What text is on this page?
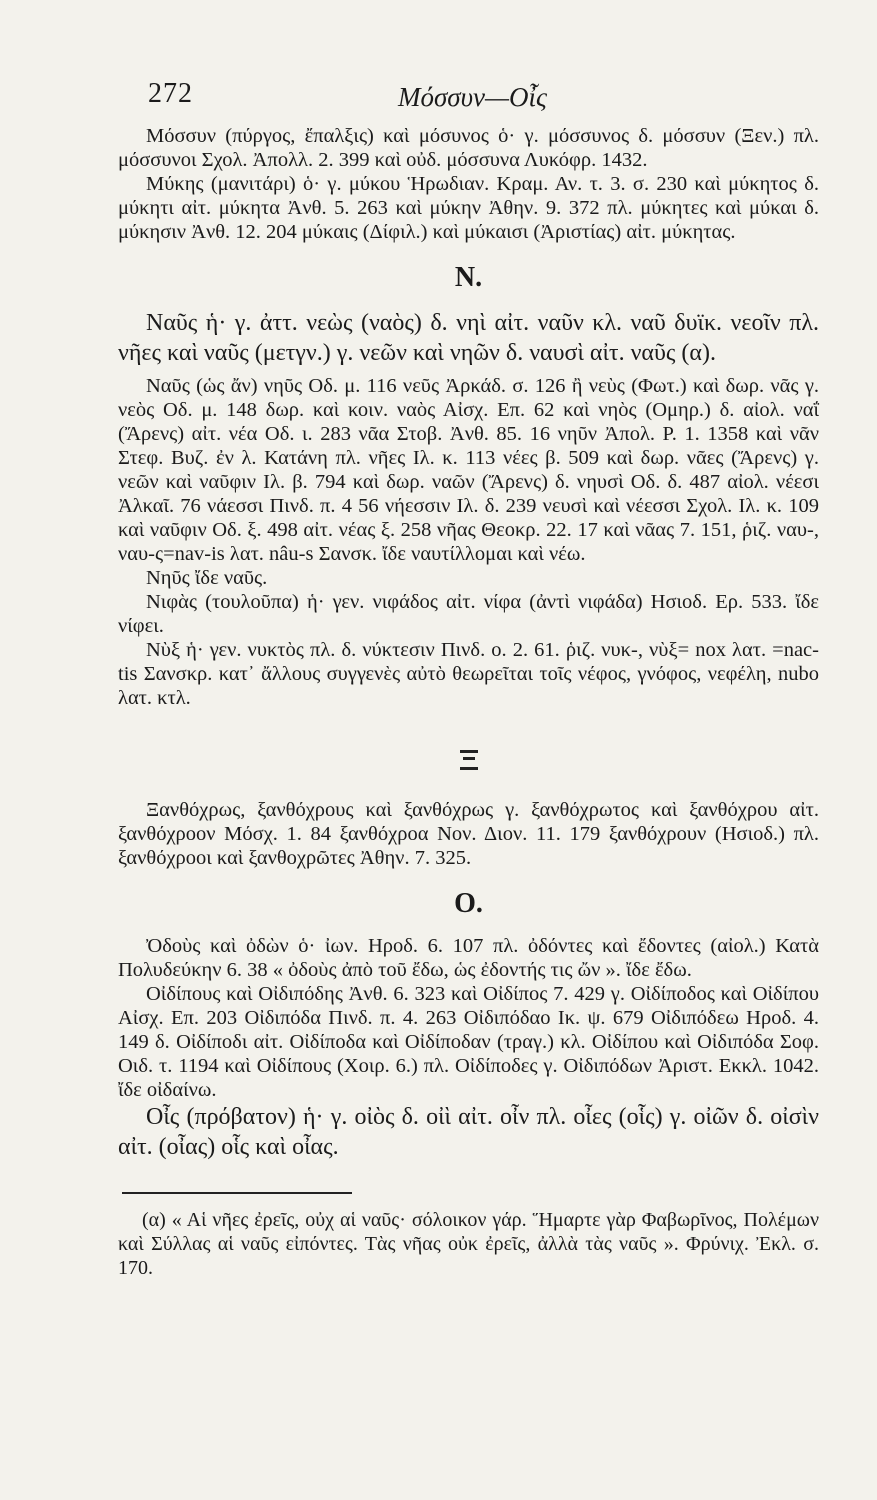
272	Μόσσυν—Οἶς

Μόσσυν (πύργος, ἔπαλξις) καὶ μόσυνος ὁ· γ. μόσσυνος δ. μόσσυν (Ξεν.) πλ. μόσσυνοι Σχολ. Ἀπολλ. 2. 399 καὶ οὐδ. μόσσυνα Λυκόφρ. 1432.

Μύκης (μανιτάρι) ὁ· γ. μύκου Ἡρωδιαν. Κραμ. Αν. τ. 3. σ. 230 καὶ μύκητος δ. μύκητι αἰτ. μύκητα Ἀνθ. 5. 263 καὶ μύκην Ἀθην. 9. 372 πλ. μύκητες καὶ μύκαι δ. μύκησιν Ἀνθ. 12. 204 μύκαις (Δίφιλ.) καὶ μύκαισι (Ἀριστίας) αἰτ. μύκητας.

N.

Ναῦς ἡ· γ. ἀττ. νεὼς (ναὸς) δ. νηὶ αἰτ. ναῦν κλ. ναῦ δυϊκ. νεοῖν πλ. νῆες καὶ ναῦς (μετγν.) γ. νεῶν καὶ νηῶν δ. ναυσὶ αἰτ. ναῦς (α).

Ναῦς (ὡς ἄν) νηῦς Οδ. μ. 116 νεῦς Ἀρκάδ. σ. 126 ἢ νεὺς (Φωτ.) καὶ δωρ. νᾶς γ. νεὸς Οδ. μ. 148 δωρ. καὶ κοιν. ναὸς Αἰσχ. Επ. 62 καὶ νηὸς (Ομηρ.) δ. αἰολ. ναΐ (Ἄρενς) αἰτ. νέα Οδ. ι. 283 νᾶα Στοβ. Ἀνθ. 85. 16 νηῦν Ἀπολ. Ρ. 1. 1358 καὶ νᾶν Στεφ. Βυζ. ἐν λ. Κατάνη πλ. νῆες Ιλ. κ. 113 νέες β. 509 καὶ δωρ. νᾶες (Ἄρενς) γ. νεῶν καὶ ναῦφιν Ιλ. β. 794 καὶ δωρ. ναῶν (Ἄρενς) δ. νηυσὶ Οδ. δ. 487 αἰολ. νέεσι Ἀλκαῖ. 76 νάεσσι Πινδ. π. 4 56 νήεσσιν Ιλ. δ. 239 νευσὶ καὶ νέεσσι Σχολ. Ιλ. κ. 109 καὶ ναῦφιν Οδ. ξ. 498 αἰτ. νέας ξ. 258 νῆας Θεοκρ. 22. 17 καὶ νᾶας 7. 151, ῥιζ. ναυ-, ναυ-ς=nav-is λατ. nâu-s Σανσκ. ἴδε ναυτίλλομαι καὶ νέω.

Νηῦς ἴδε ναῦς.

Νιφὰς (τουλοῦπα) ἡ· γεν. νιφάδος αἰτ. νίφα (ἀντὶ νιφάδα) Ησιοδ. Ερ. 533. ἴδε νίφει.

Νὺξ ἡ· γεν. νυκτὸς πλ. δ. νύκτεσιν Πινδ. ο. 2. 61. ῥιζ. νυκ-, νὺξ= nox λατ. =nac-tis Σανσκρ. κατ᾽ ἄλλους συγγενὲς αὐτὸ θεωρεῖται τοῖς νέφος, γνόφος, νεφέλη, nubo λατ. κτλ.

Ξανθόχρως, ξανθόχρους καὶ ξανθόχρως γ. ξανθόχρωτος καὶ ξανθόχρου αἰτ. ξανθόχροον Μόσχ. 1. 84 ξανθόχροα Νον. Διον. 11. 179 ξανθόχρουν (Ησιοδ.) πλ. ξανθόχροοι καὶ ξανθοχρῶτες Ἀθην. 7. 325.

O.

Ὀδοὺς καὶ ὀδὼν ὁ· ἰων. Ηροδ. 6. 107 πλ. ὀδόντες καὶ ἔδοντες (αἰολ.) Κατὰ Πολυδεύκην 6. 38 « ὀδοὺς ἀπὸ τοῦ ἔδω, ὡς ἐδοντής τις ὤν ». ἴδε ἔδω.

Οἰδίπους καὶ Οἰδιπόδης Ἀνθ. 6. 323 καὶ Οἰδίπος 7. 429 γ. Οἰδίποδος καὶ Οἰδίπου Αἰσχ. Επ. 203 Οἰδιπόδα Πινδ. π. 4. 263 Οἰδιπόδαο Ικ. ψ. 679 Οἰδιπόδεω Ηροδ. 4. 149 δ. Οἰδίποδι αἰτ. Οἰδίποδα καὶ Οἰδίποδαν (τραγ.) κλ. Οἰδίπου καὶ Οἰδιπόδα Σοφ. Οιδ. τ. 1194 καὶ Οἰδίπους (Χοιρ. 6.) πλ. Οἰδίποδες γ. Οἰδιπόδων Ἀριστ. Εκκλ. 1042. ἴδε οἰδαίνω.

Οἶς (πρόβατον) ἡ· γ. οἰὸς δ. οἰὶ αἰτ. οἶν πλ. οἶες (οἷς) γ. οἰῶν δ. οἰσὶν αἰτ. (οἶας) οἷς καὶ οἶας.

(α) « Αἱ νῆες ἐρεῖς, οὐχ αἱ ναῦς· σόλοικον γάρ. Ἥμαρτε γὰρ Φαβωρῖνος, Πολέμων καὶ Σύλλας αἱ ναῦς εἰπόντες. Τὰς νῆας οὐκ ἐρεῖς, ἀλλὰ τὰς ναῦς ». Φρύνιχ. Ἐκλ. σ. 170.
